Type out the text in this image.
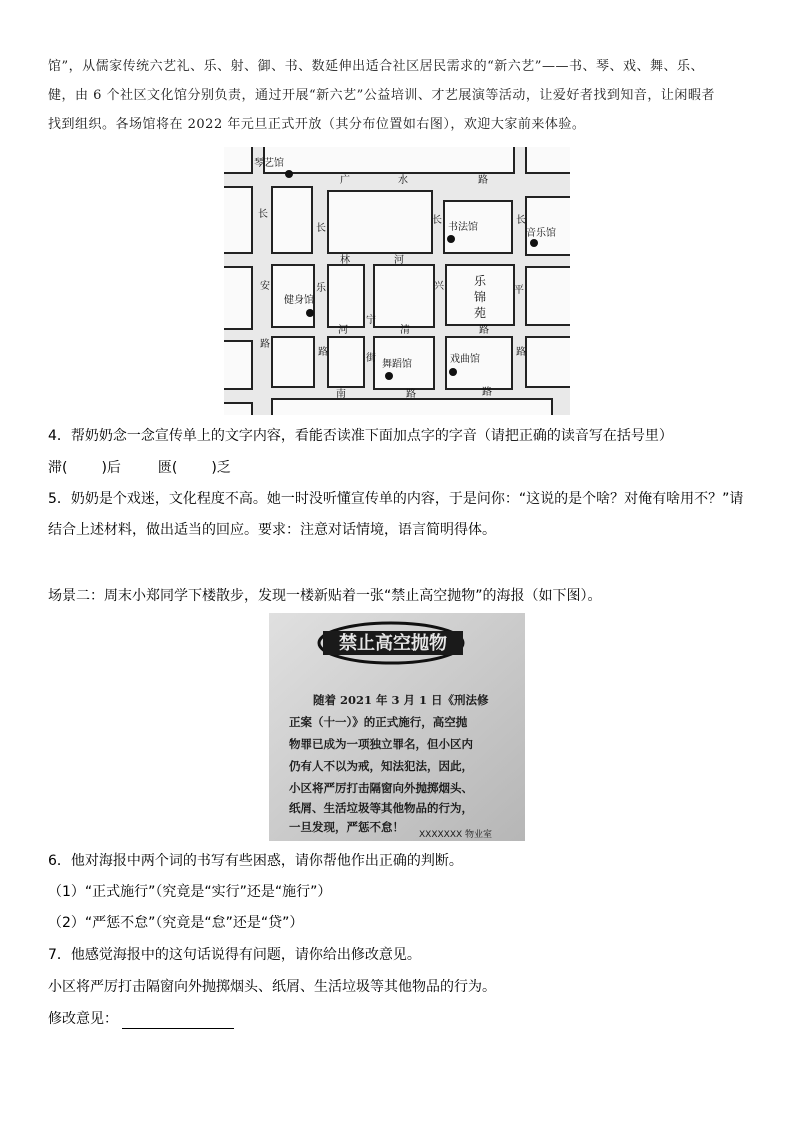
馆”，从儒家传统六艺礼、乐、射、御、书、数延伸出适合社区居民需求的“新六艺”——书、琴、戏、舞、乐、
健，由 6 个社区文化馆分别负责，通过开展“新六艺”公益培训、才艺展演等活动，让爱好者找到知音，让闲暇者
找到组织。各场馆将在 2022 年元旦正式开放（其分布位置如右图），欢迎大家前来体验。
琴艺馆
书法馆
音乐馆
健身馆
舞蹈馆	戏曲馆
广	水	路
长
长
长	长
林	河
安	乐	兴	平
宁
路
路
河	清
路
街
路
南	路	路
乐
锦
苑
4．帮奶奶念一念宣传单上的文字内容，看能否读准下面加点字的字音（请把正确的读音写在括号里）
滞( )后	匮( )乏
5．奶奶是个戏迷，文化程度不高。她一时没听懂宣传单的内容，于是问你：“这说的是个啥？对俺有啥用不？”请结合上述材料，做出适当的回应。要求：注意对话情境，语言简明得体。
场景二：周末小郑同学下楼散步，发现一楼新贴着一张“禁止高空抛物”的海报（如下图）。
禁止高空抛物
随着 2021 年 3 月 1 日《刑法修
正案（十一）》的正式施行，高空抛
物罪已成为一项独立罪名，但小区内
仍有人不以为戒，知法犯法，因此，
小区将严厉打击隔窗向外抛掷烟头、
纸屑、生活垃圾等其他物品的行为，
一旦发现，严惩不怠！
XXXXXXX 物业室
6．他对海报中两个词的书写有些困惑，请你帮他作出正确的判断。
（1）“正式施行”（究竟是“实行”还是“施行”）
（2）“严惩不怠”（究竟是“怠”还是“贷”）
7．他感觉海报中的这句话说得有问题，请你给出修改意见。
小区将严厉打击隔窗向外抛掷烟头、纸屑、生活垃圾等其他物品的行为。
修改意见：
